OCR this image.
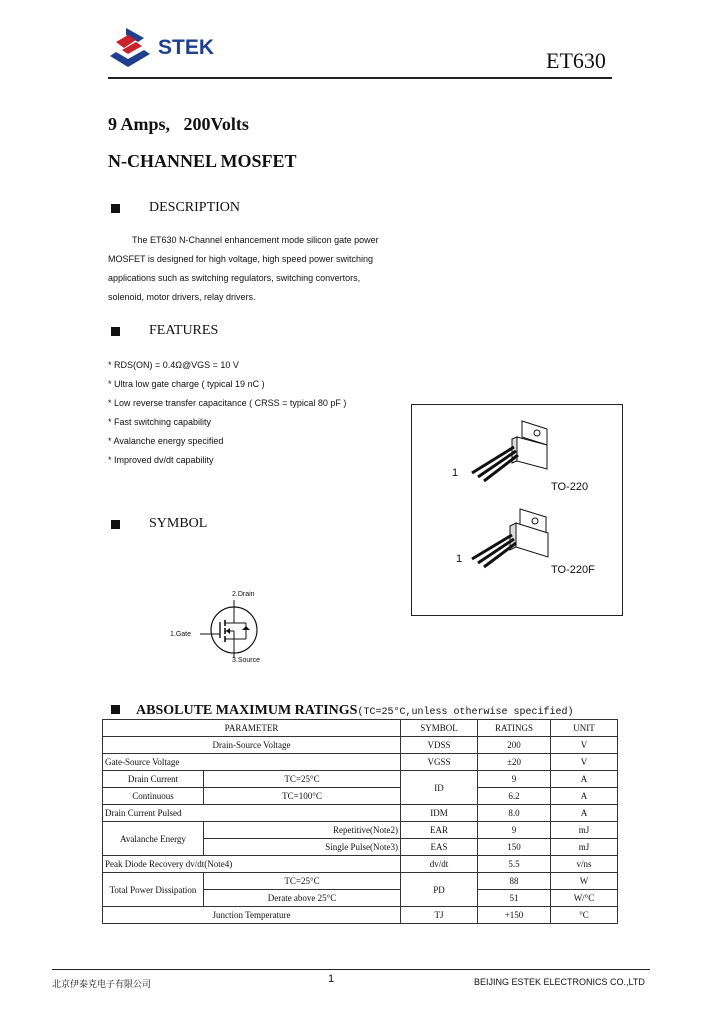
STEK
ET630
9 Amps,   200Volts
N-CHANNEL MOSFET
DESCRIPTION
The ET630 N-Channel enhancement mode silicon gate power
MOSFET is designed for high voltage, high speed power switching
applications such as switching regulators, switching convertors,
solenoid, motor drivers, relay drivers.
FEATURES
* RDS(ON) = 0.4Ω@VGS = 10 V
* Ultra low gate charge ( typical 19 nC )
* Low reverse transfer capacitance ( CRSS = typical 80 pF )
* Fast switching capability
* Avalanche energy specified
* Improved dv/dt capability
1
TO-220
1
TO-220F
SYMBOL
2.Drain
1.Gate
3.Source
ABSOLUTE MAXIMUM RATINGS(TC=25°C,unless otherwise specified)
PARAMETER		SYMBOL	RATINGS	UNIT
Drain-Source Voltage		VDSS	200	V
Gate-Source Voltage		VGSS	±20	V
Drain Current	TC=25°C	ID	9	A
Continuous	TC=100°C		6.2	A
Drain Current Pulsed		IDM	8.0	A
Avalanche Energy	Repetitive(Note2)	EAR	9	mJ
	Single Pulse(Note3)	EAS	150	mJ
Peak Diode Recovery dv/dt(Note4)		dv/dt	5.5	v/ns
Total Power Dissipation	TC=25°C	PD	88	W
	Derate above 25°C		51	W/°C
Junction Temperature		TJ	+150	°C
北京伊泰克电子有限公司	1	BEIJING ESTEK ELECTRONICS CO.,LTD
